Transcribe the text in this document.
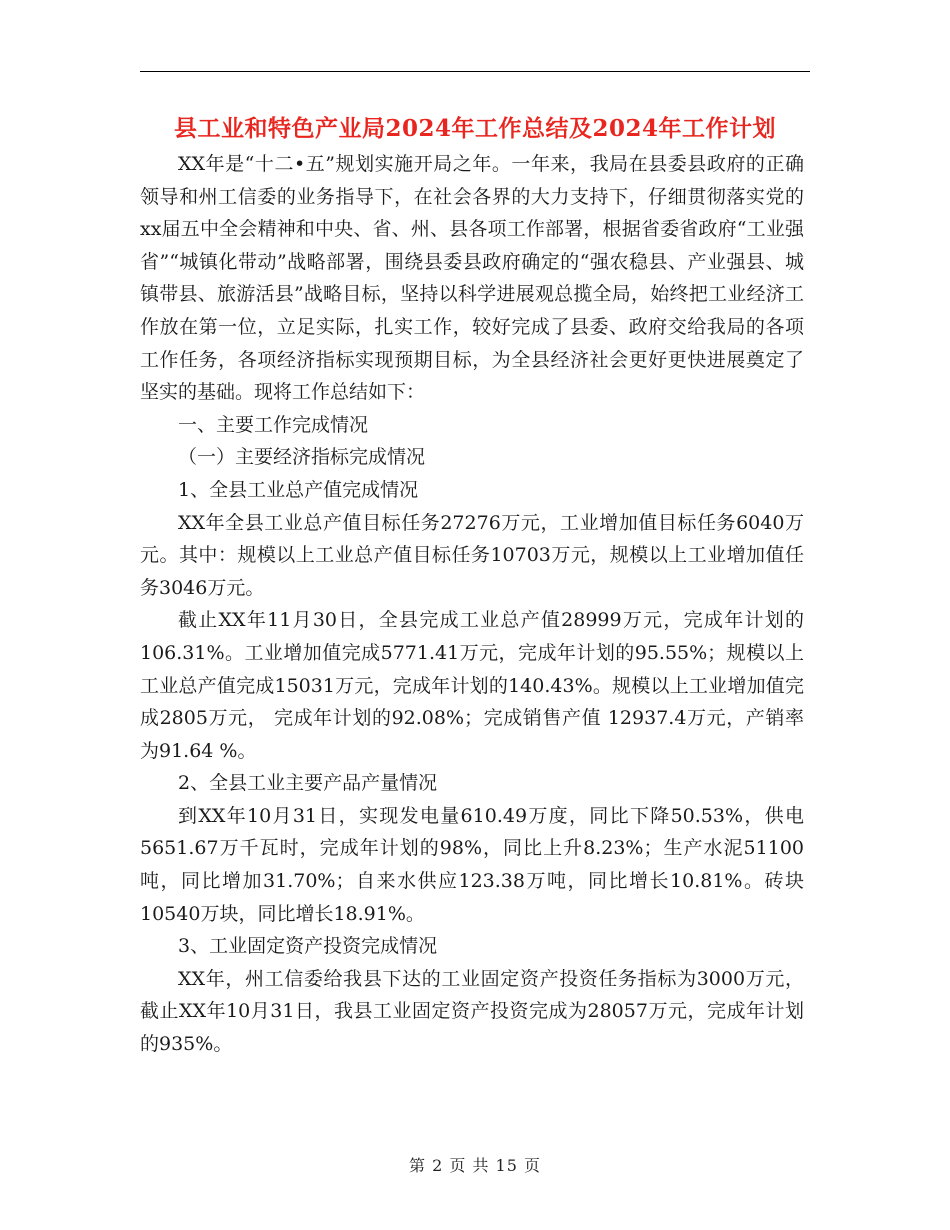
县工业和特色产业局2024年工作总结及2024年工作计划

XX年是“十二•五”规划实施开局之年。一年来，我局在县委县政府的正确领导和州工信委的业务指导下，在社会各界的大力支持下，仔细贯彻落实党的xx届五中全会精神和中央、省、州、县各项工作部署，根据省委省政府“工业强省”“城镇化带动”战略部署，围绕县委县政府确定的“强农稳县、产业强县、城镇带县、旅游活县”战略目标，坚持以科学进展观总揽全局，始终把工业经济工作放在第一位，立足实际，扎实工作，较好完成了县委、政府交给我局的各项工作任务，各项经济指标实现预期目标，为全县经济社会更好更快进展奠定了坚实的基础。现将工作总结如下：

一、主要工作完成情况

（一）主要经济指标完成情况

1、全县工业总产值完成情况

XX年全县工业总产值目标任务27276万元，工业增加值目标任务6040万元。其中：规模以上工业总产值目标任务10703万元，规模以上工业增加值任务3046万元。

截止XX年11月30日，全县完成工业总产值28999万元，完成年计划的106.31%。工业增加值完成5771.41万元，完成年计划的95.55%；规模以上工业总产值完成15031万元，完成年计划的140.43%。规模以上工业增加值完成2805万元， 完成年计划的92.08%；完成销售产值 12937.4万元，产销率为91.64 %。

2、全县工业主要产品产量情况

到XX年10月31日，实现发电量610.49万度，同比下降50.53%，供电5651.67万千瓦时，完成年计划的98%，同比上升8.23%；生产水泥51100吨，同比增加31.70%；自来水供应123.38万吨，同比增长10.81%。砖块10540万块，同比增长18.91%。

3、工业固定资产投资完成情况

XX年，州工信委给我县下达的工业固定资产投资任务指标为3000万元，截止XX年10月31日，我县工业固定资产投资完成为28057万元，完成年计划的935%。

第 2 页 共 15 页
